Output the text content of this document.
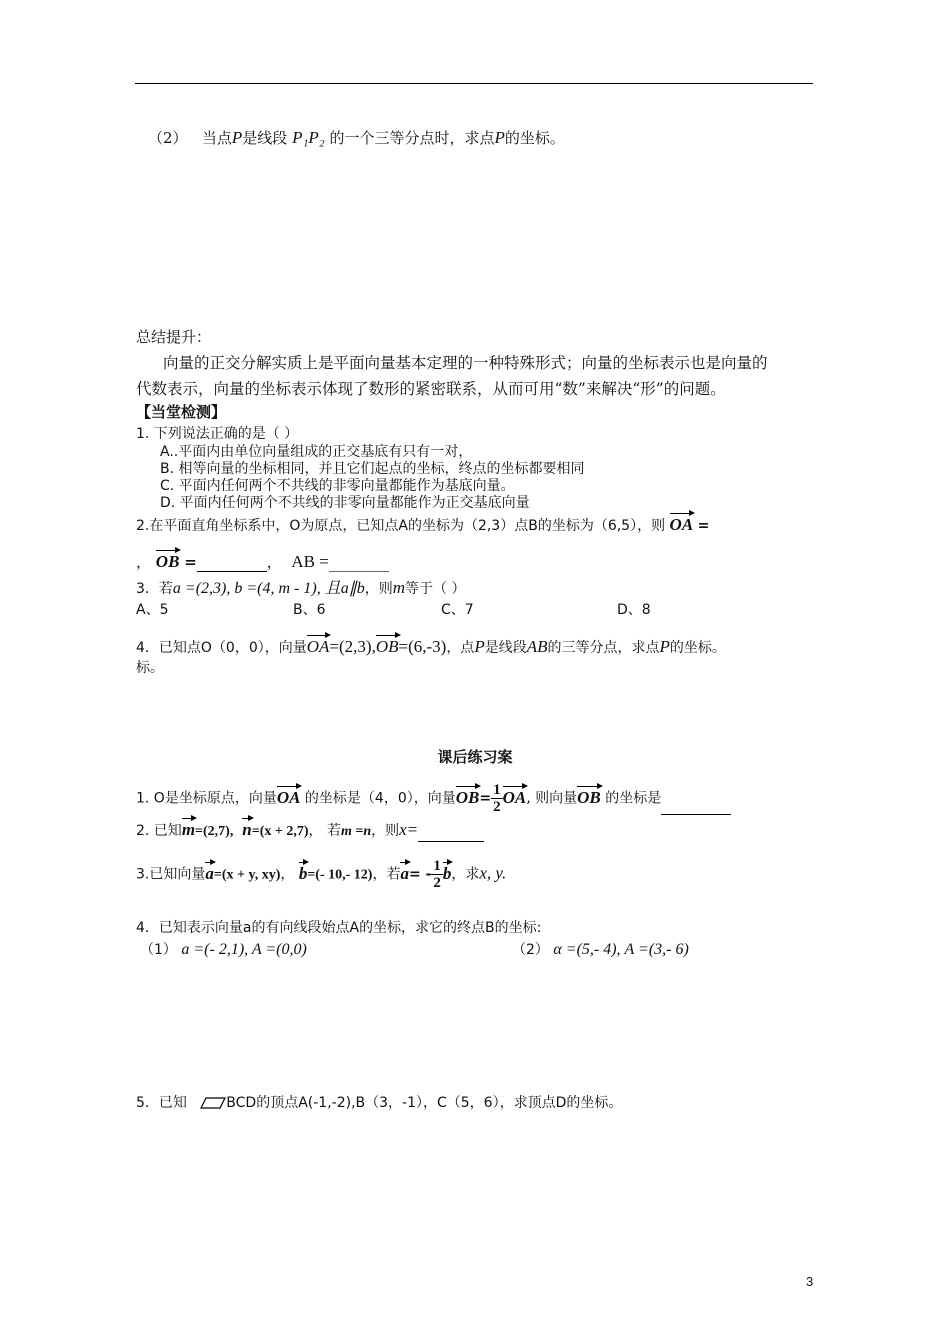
（2） 当点P是线段 P₁P₂ 的一个三等分点时，求点P的坐标。
总结提升：
向量的正交分解实质上是平面向量基本定理的一种特殊形式；向量的坐标表示也是向量的
代数表示，向量的坐标表示体现了数形的紧密联系，从而可用“数”来解决“形”的问题。
【当堂检测】
1. 下列说法正确的是（ ）
A..平面内由单位向量组成的正交基底有只有一对，
B. 相等向量的坐标相同，并且它们起点的坐标，终点的坐标都要相同
C. 平面内任何两个不共线的非零向量都能作为基底向量。
D. 平面内任何两个不共线的非零向量都能作为正交基底向量
2.在平面直角坐标系中，O为原点，已知点A的坐标为（2,3）点B的坐标为（6,5），则 OA =
， OB =	， AB =
3．若a =(2,3), b =(4, m - 1), 且a∥b，则m等于（ ）
A、5	B、6	C、7	D、8
4．已知点O（0，0），向量OA=(2,3),OB=(6,-3)，点P是线段AB的三等分点，求点P的坐标。
标。
课后练习案
1. O是坐标原点，向量OA 的坐标是（4，0），向量$OB= \frac{1}{2}$ OA, 则向量OB 的坐标是
2. 已知m=(2,7), n=(x + 2,7)， 若m =n，则x=
3.已知向量a=(x + y, xy)， b=(- 10,- 12)，若$a= - \frac{1}{2}$ b，求x, y.
4．已知表示向量a的有向线段始点A的坐标，求它的终点B的坐标:
（1） a =(- 2,1), A =(0,0)	（2） α =(5,- 4), A =(3,- 6)
5．已知	BCD的顶点A(-1,-2),B（3，-1），C（5，6），求顶点D的坐标。
3
